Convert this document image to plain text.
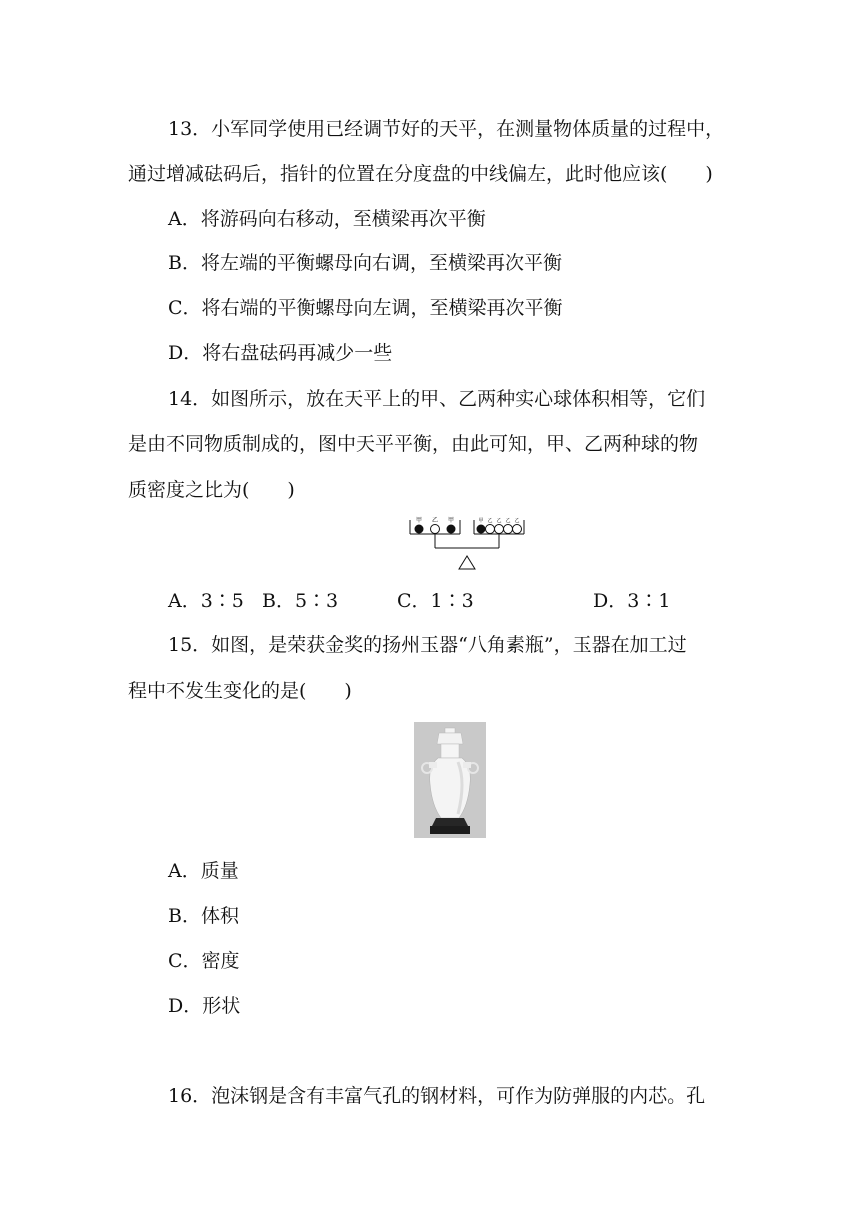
13．小军同学使用已经调节好的天平，在测量物体质量的过程中，
通过增减砝码后，指针的位置在分度盘的中线偏左，此时他应该(　　)
A．将游码向右移动，至横梁再次平衡
B．将左端的平衡螺母向右调，至横梁再次平衡
C．将右端的平衡螺母向左调，至横梁再次平衡
D．将右盘砝码再减少一些
14．如图所示，放在天平上的甲、乙两种实心球体积相等，它们
是由不同物质制成的，图中天平平衡，由此可知，甲、乙两种球的物
质密度之比为(　　)
甲 乙 甲	甲 乙 乙 乙 乙
A．3∶5 B．5∶3	C．1∶3	D．3∶1
15．如图，是荣获金奖的扬州玉器“八角素瓶”，玉器在加工过
程中不发生变化的是(　　)
A．质量
B．体积
C．密度
D．形状
16．泡沫钢是含有丰富气孔的钢材料，可作为防弹服的内芯。孔
